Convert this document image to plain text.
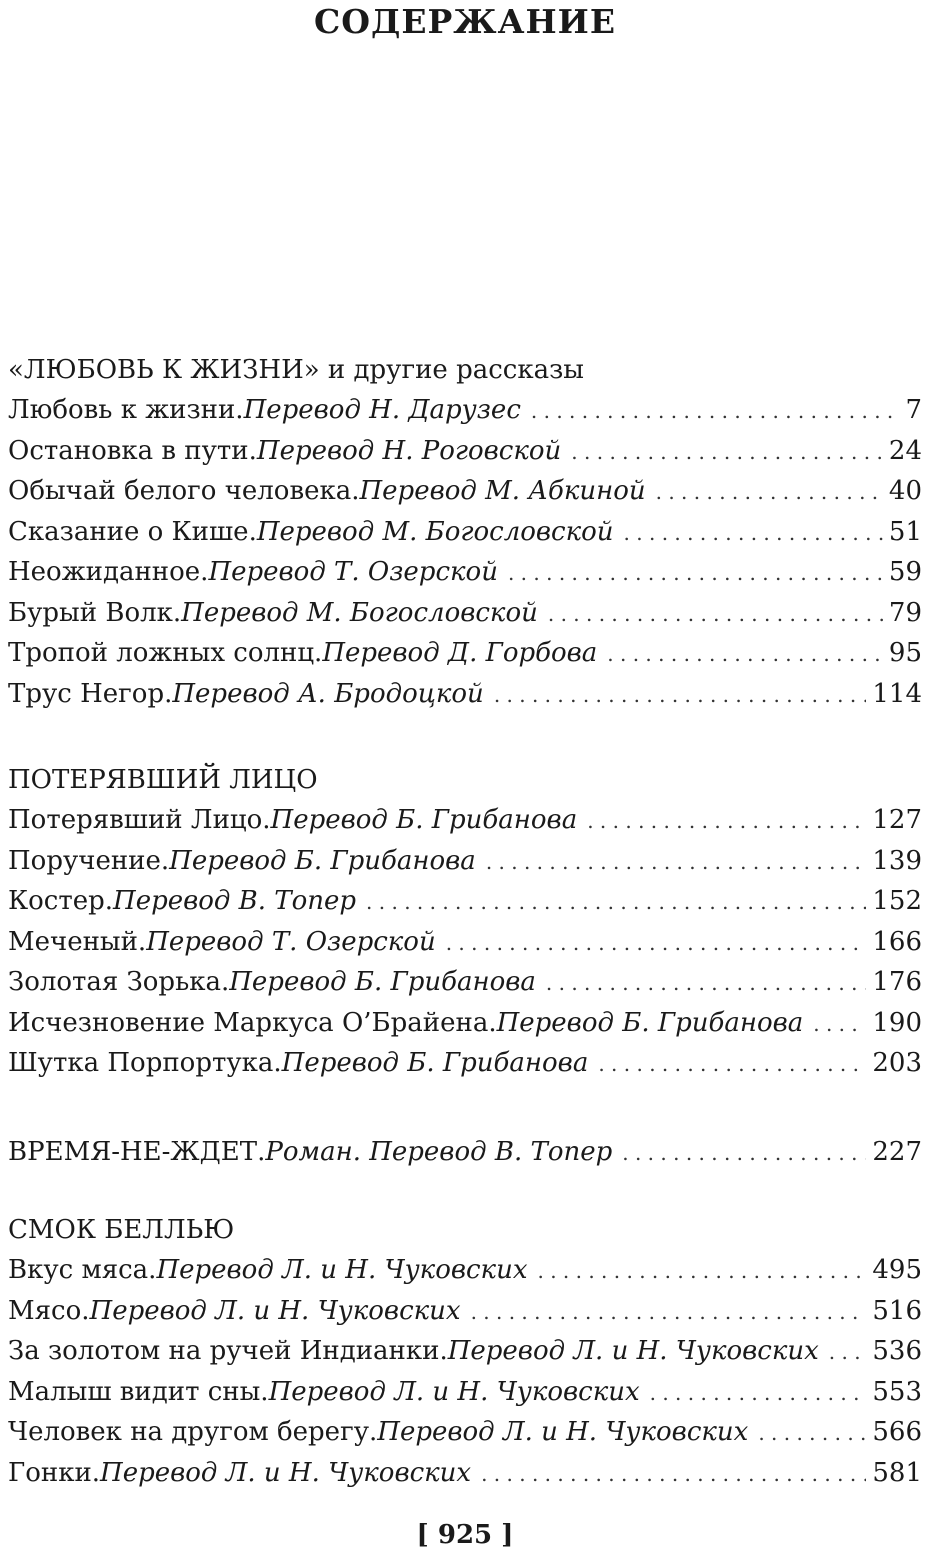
СОДЕРЖАНИЕ
«ЛЮБОВЬ К ЖИЗНИ» и другие рассказы
Любовь к жизни. Перевод Н. Дарузес . . .	7
Остановка в пути. Перевод Н. Роговской . . .	24
Обычай белого человека. Перевод М. Абкиной . . .	40
Сказание о Кише. Перевод М. Богословской . . .	51
Неожиданное. Перевод Т. Озерской . . .	59
Бурый Волк. Перевод М. Богословской . . .	79
Тропой ложных солнц. Перевод Д. Горбова . . .	95
Трус Негор. Перевод А. Бродоцкой . . .	114
ПОТЕРЯВШИЙ ЛИЦО
Потерявший Лицо. Перевод Б. Грибанова . . .	127
Поручение. Перевод Б. Грибанова . . .	139
Костер. Перевод В. Топер . . .	152
Меченый. Перевод Т. Озерской . . .	166
Золотая Зорька. Перевод Б. Грибанова . . .	176
Исчезновение Маркуса О’Брайена. Перевод Б. Грибанова . . .	190
Шутка Порпортука. Перевод Б. Грибанова . . .	203
ВРЕМЯ-НЕ-ЖДЕТ. Роман. Перевод В. Топер . . .	227
СМОК БЕЛЛЬЮ
Вкус мяса. Перевод Л. и Н. Чуковских . . .	495
Мясо. Перевод Л. и Н. Чуковских . . .	516
За золотом на ручей Индианки. Перевод Л. и Н. Чуковских . . . 536
Малыш видит сны. Перевод Л. и Н. Чуковских . . .	553
Человек на другом берегу. Перевод Л. и Н. Чуковских . . .	566
Гонки. Перевод Л. и Н. Чуковских . . .	581
[ 925 ]
